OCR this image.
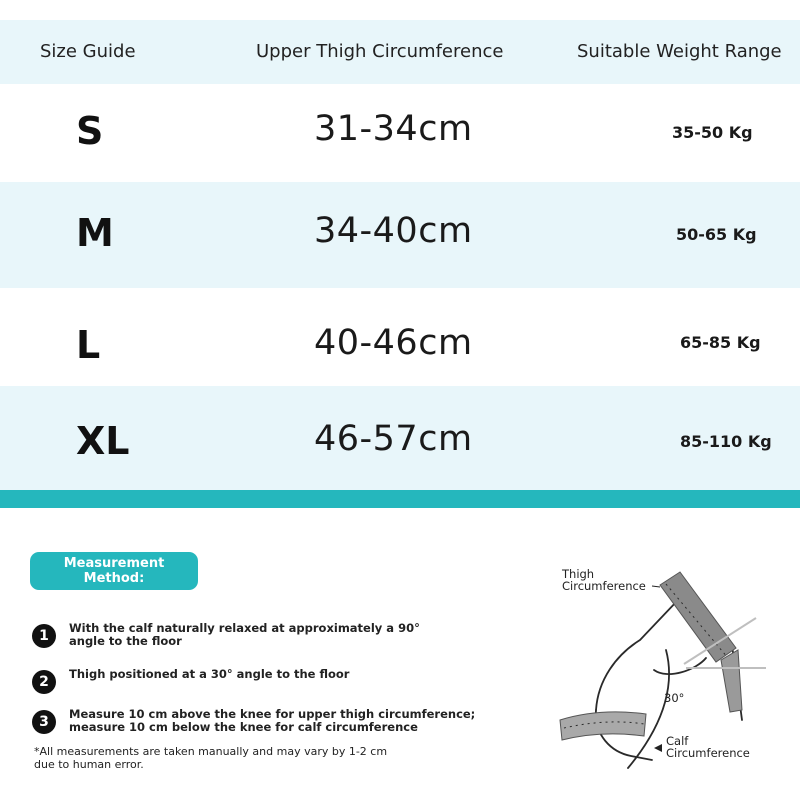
Size Guide	Upper Thigh Circumference	Suitable Weight Range
S	31-34cm	35-50 Kg
M	34-40cm	50-65 Kg
L	40-46cm	65-85 Kg
XL	46-57cm	85-110 Kg
Measurement
Method:
1	With the calf naturally relaxed at approximately a 90°
angle to the floor
2	Thigh positioned at a 30° angle to the floor
3	Measure 10 cm above the knee for upper thigh circumference;
measure 10 cm below the knee for calf circumference
*All measurements are taken manually and may vary by 1-2 cm
due to human error.
Thigh
Circumference
30°
Calf
Circumference
